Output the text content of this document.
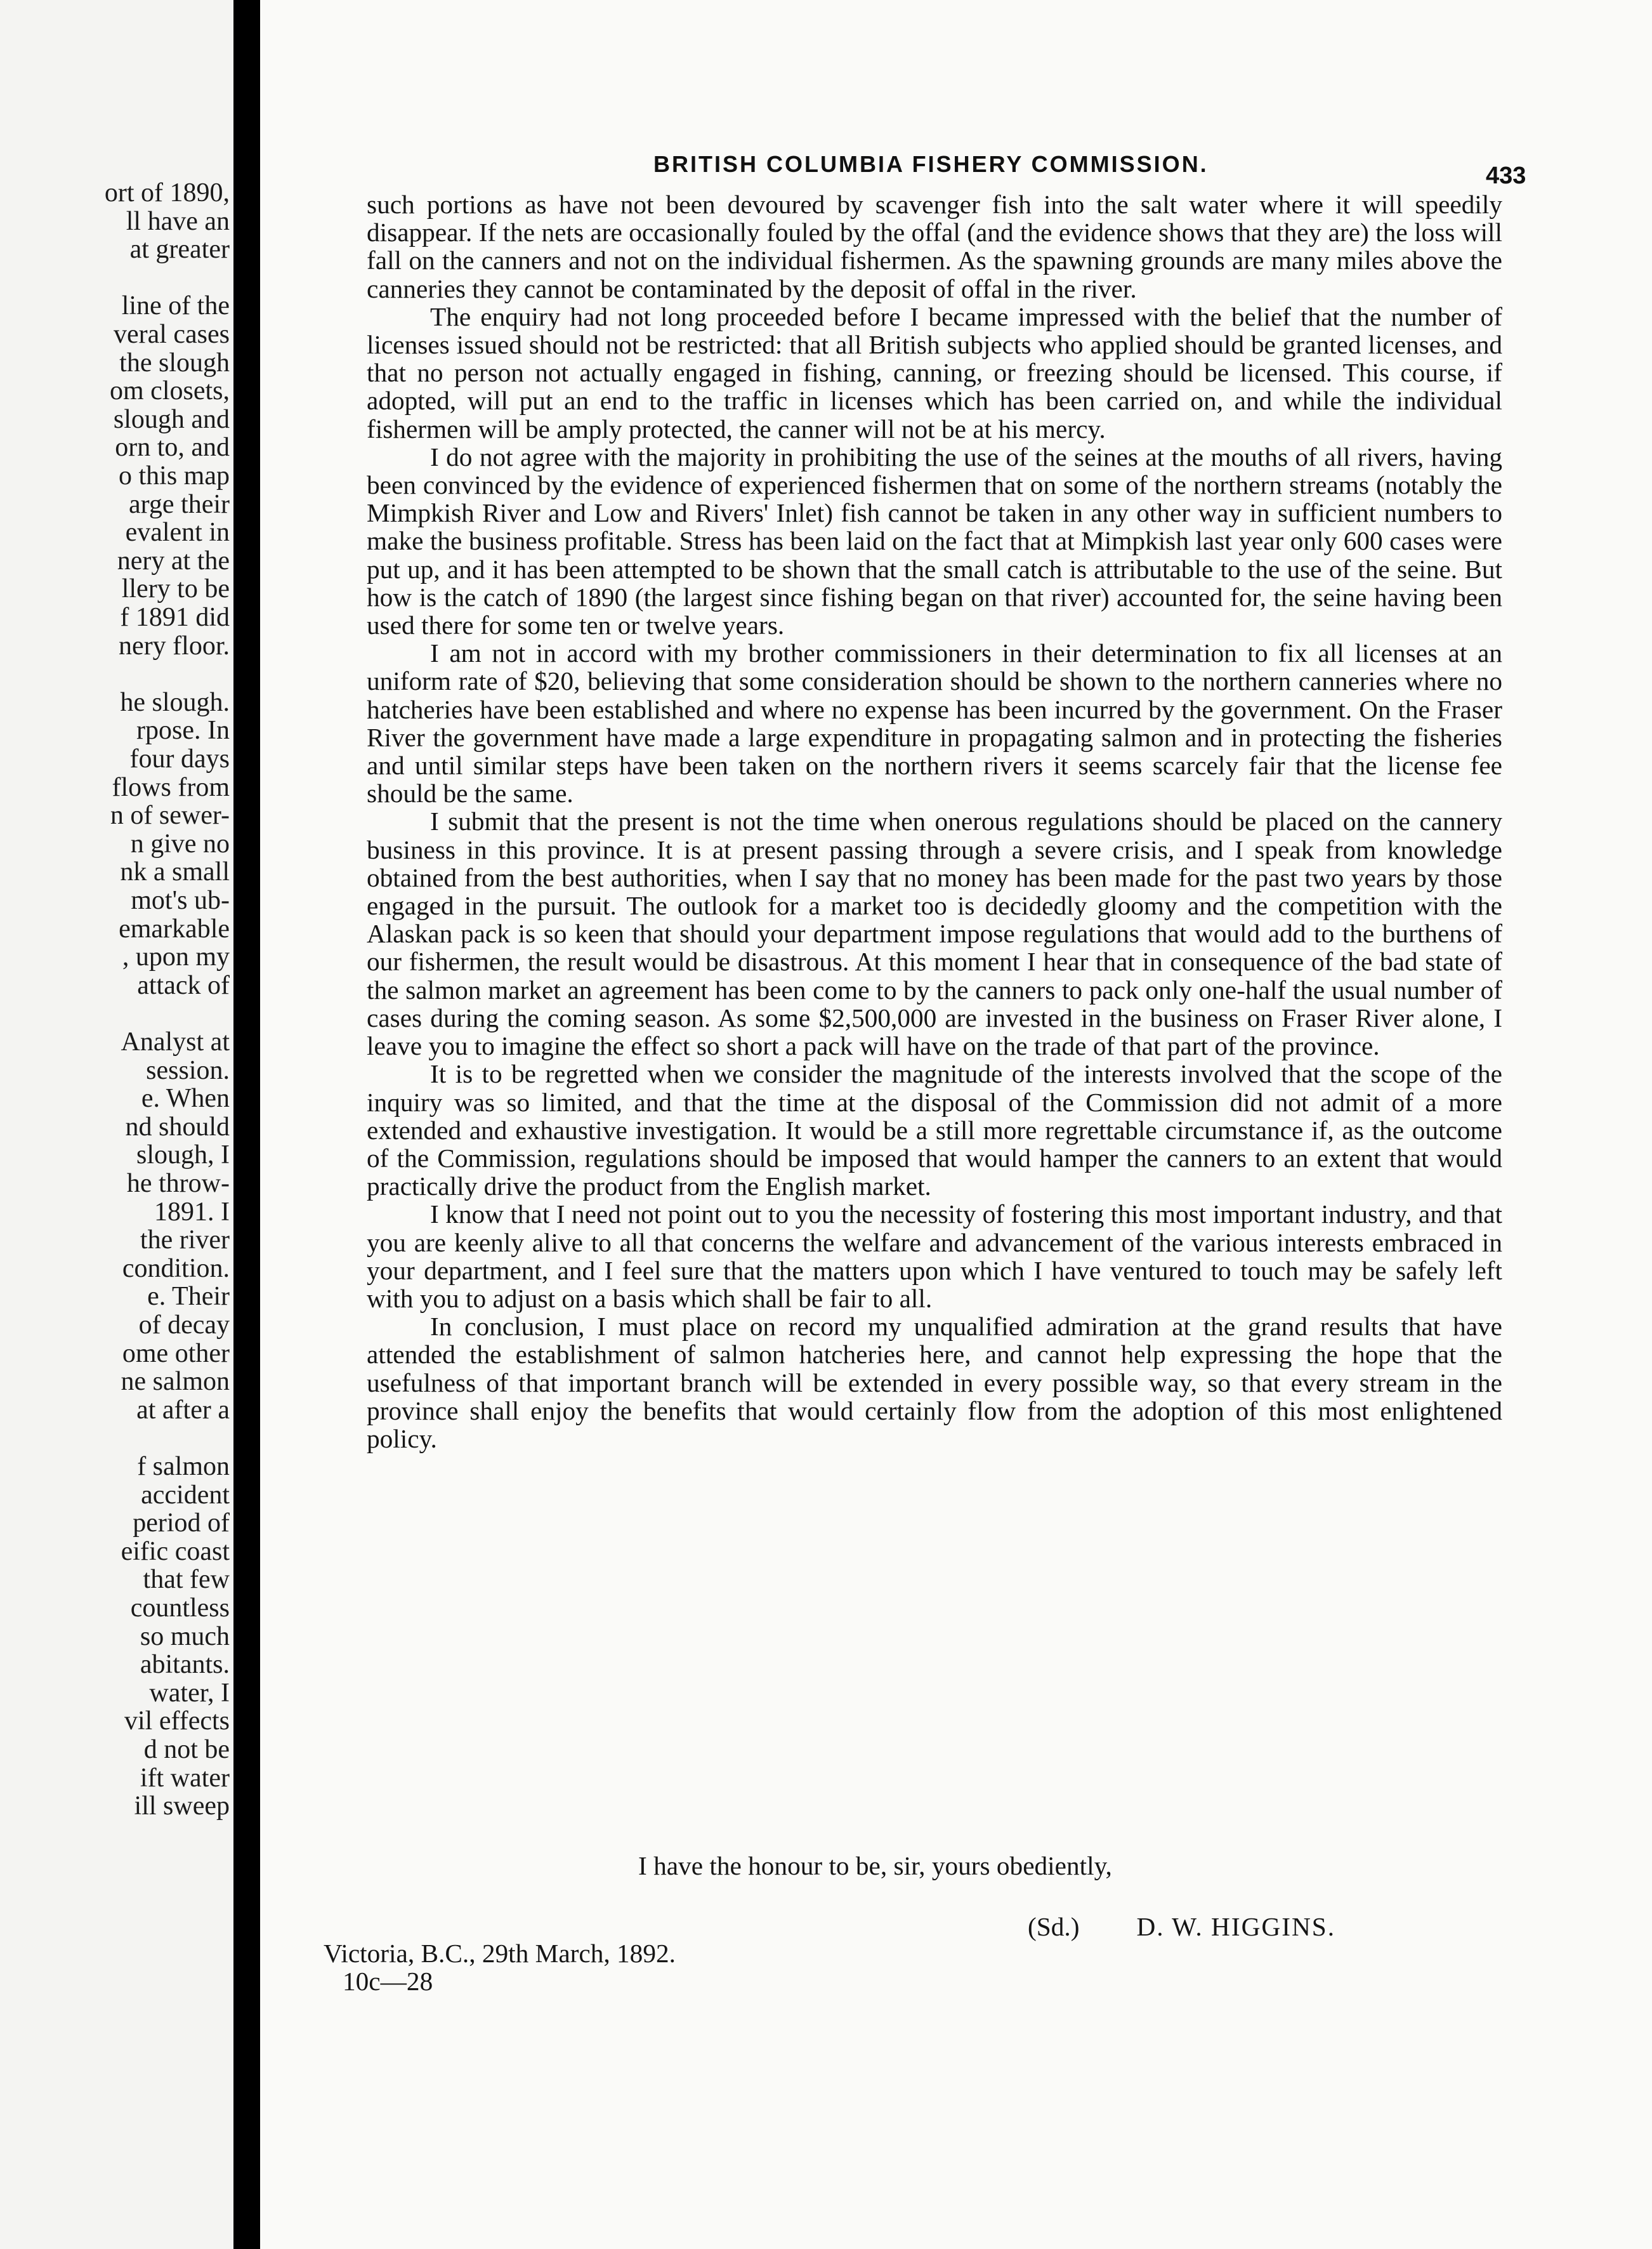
ort of 1890,
ll have an
at greater
line of the
veral cases
the slough
om closets,
slough and
orn to, and
o this map
arge their
evalent in
nery at the
llery to be
f 1891 did
nery floor.
he slough.
rpose. In
four days
flows from
n of sewer-
n give no
nk a small
mot's ub-
emarkable
, upon my
attack of
Analyst at
session.
e. When
nd should
slough, I
he throw-
1891. I
the river
condition.
e. Their
of decay
ome other
ne salmon
at after a
f salmon
accident
period of
eific coast
that few
countless
so much
abitants.
water, I
vil effects
d not be
ift water
ill sweep
BRITISH COLUMBIA FISHERY COMMISSION.	433

such portions as have not been devoured by scavenger fish into the salt water where it will speedily disappear. If the nets are occasionally fouled by the offal (and the evidence shows that they are) the loss will fall on the canners and not on the individual fishermen. As the spawning grounds are many miles above the canneries they cannot be contaminated by the deposit of offal in the river.

The enquiry had not long proceeded before I became impressed with the belief that the number of licenses issued should not be restricted: that all British subjects who applied should be granted licenses, and that no person not actually engaged in fishing, canning, or freezing should be licensed. This course, if adopted, will put an end to the traffic in licenses which has been carried on, and while the individual fishermen will be amply protected, the canner will not be at his mercy.

I do not agree with the majority in prohibiting the use of the seines at the mouths of all rivers, having been convinced by the evidence of experienced fishermen that on some of the northern streams (notably the Mimpkish River and Low and Rivers' Inlet) fish cannot be taken in any other way in sufficient numbers to make the business profitable. Stress has been laid on the fact that at Mimpkish last year only 600 cases were put up, and it has been attempted to be shown that the small catch is attributable to the use of the seine. But how is the catch of 1890 (the largest since fishing began on that river) accounted for, the seine having been used there for some ten or twelve years.

I am not in accord with my brother commissioners in their determination to fix all licenses at an uniform rate of $20, believing that some consideration should be shown to the northern canneries where no hatcheries have been established and where no expense has been incurred by the government. On the Fraser River the government have made a large expenditure in propagating salmon and in protecting the fisheries and until similar steps have been taken on the northern rivers it seems scarcely fair that the license fee should be the same.

I submit that the present is not the time when onerous regulations should be placed on the cannery business in this province. It is at present passing through a severe crisis, and I speak from knowledge obtained from the best authorities, when I say that no money has been made for the past two years by those engaged in the pursuit. The outlook for a market too is decidedly gloomy and the competition with the Alaskan pack is so keen that should your department impose regulations that would add to the burthens of our fishermen, the result would be disastrous. At this moment I hear that in consequence of the bad state of the salmon market an agreement has been come to by the canners to pack only one-half the usual number of cases during the coming season. As some $2,500,000 are invested in the business on Fraser River alone, I leave you to imagine the effect so short a pack will have on the trade of that part of the province.

It is to be regretted when we consider the magnitude of the interests involved that the scope of the inquiry was so limited, and that the time at the disposal of the Commission did not admit of a more extended and exhaustive investigation. It would be a still more regrettable circumstance if, as the outcome of the Commission, regulations should be imposed that would hamper the canners to an extent that would practically drive the product from the English market.

I know that I need not point out to you the necessity of fostering this most important industry, and that you are keenly alive to all that concerns the welfare and advancement of the various interests embraced in your department, and I feel sure that the matters upon which I have ventured to touch may be safely left with you to adjust on a basis which shall be fair to all.

In conclusion, I must place on record my unqualified admiration at the grand results that have attended the establishment of salmon hatcheries here, and cannot help expressing the hope that the usefulness of that important branch will be extended in every possible way, so that every stream in the province shall enjoy the benefits that would certainly flow from the adoption of this most enlightened policy.

I have the honour to be, sir, yours obediently,
(Sd.) D. W. HIGGINS.
Victoria, B.C., 29th March, 1892.
10c—28
